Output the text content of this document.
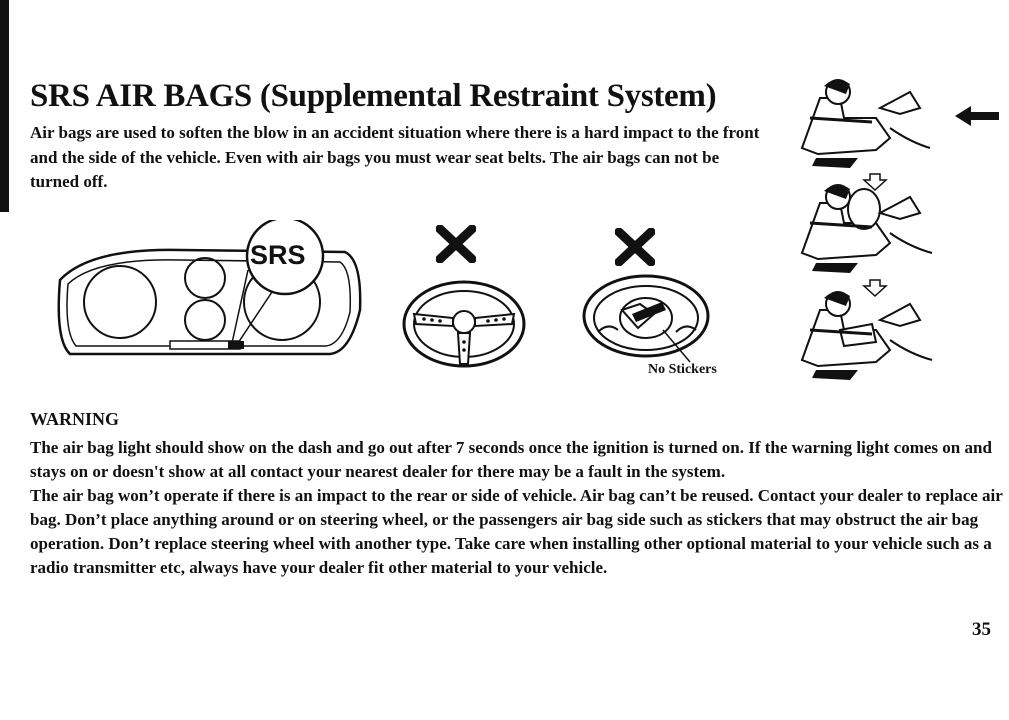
SRS AIR BAGS (Supplemental Restraint System)

Air bags are used to soften the blow in an accident situation where there is a hard impact to the front and the side of the vehicle. Even with air bags you must wear seat belts. The air bags can not be turned off.

SRS
No Stickers
WARNING

The air bag light should show on the dash and go out after 7 seconds once the ignition is turned on. If the warning light comes on and stays on or doesn't show at all contact your nearest dealer for there may be a fault in the system.

The air bag won’t operate if there is an impact to the rear or side of vehicle. Air bag can’t be reused. Contact your dealer to replace air bag. Don’t place anything around or on steering wheel, or the passengers air bag side such as stickers that may obstruct the air bag operation. Don’t replace steering wheel with another type. Take care when installing other optional material to your vehicle such as a radio transmitter etc, always have your dealer fit other material to your vehicle.

35
